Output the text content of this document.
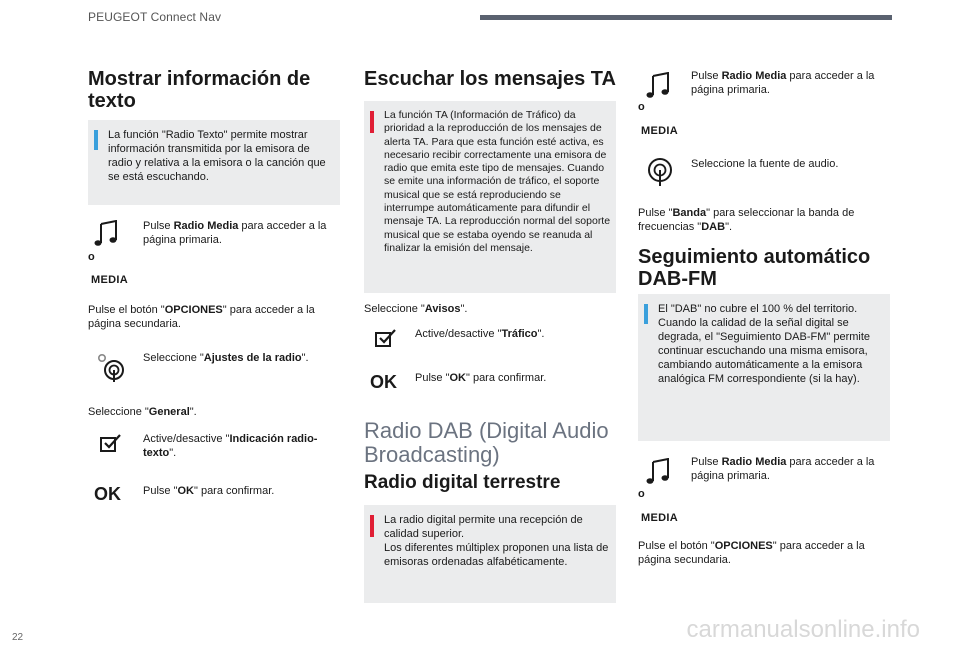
PEUGEOT Connect Nav
Mostrar información de texto
La función "Radio Texto" permite mostrar información transmitida por la emisora de radio y relativa a la emisora o la canción que se está escuchando.
Pulse Radio Media para acceder a la página primaria.
o
MEDIA
Pulse el botón "OPCIONES" para acceder a la página secundaria.
Seleccione "Ajustes de la radio".
Seleccione "General".
Active/desactive "Indicación radio-texto".
OK Pulse "OK" para confirmar.
Escuchar los mensajes TA
La función TA (Información de Tráfico) da prioridad a la reproducción de los mensajes de alerta TA. Para que esta función esté activa, es necesario recibir correctamente una emisora de radio que emita este tipo de mensajes. Cuando se emite una información de tráfico, el soporte musical que se está reproduciendo se interrumpe automáticamente para difundir el mensaje TA. La reproducción normal del soporte musical que se estaba oyendo se reanuda al finalizar la emisión del mensaje.
Seleccione "Avisos".
Active/desactive "Tráfico".
OK Pulse "OK" para confirmar.
Radio DAB (Digital Audio Broadcasting)
Radio digital terrestre
La radio digital permite una recepción de calidad superior.
Los diferentes múltiplex proponen una lista de emisoras ordenadas alfabéticamente.
Pulse Radio Media para acceder a la página primaria.
o
MEDIA
Seleccione la fuente de audio.
Pulse "Banda" para seleccionar la banda de frecuencias "DAB".
Seguimiento automático DAB-FM
El "DAB" no cubre el 100 % del territorio. Cuando la calidad de la señal digital se degrada, el "Seguimiento DAB-FM" permite continuar escuchando una misma emisora, cambiando automáticamente a la emisora analógica FM correspondiente (si la hay).
Pulse Radio Media para acceder a la página primaria.
o
MEDIA
Pulse el botón "OPCIONES" para acceder a la página secundaria.
22	carmanualsonline.info
